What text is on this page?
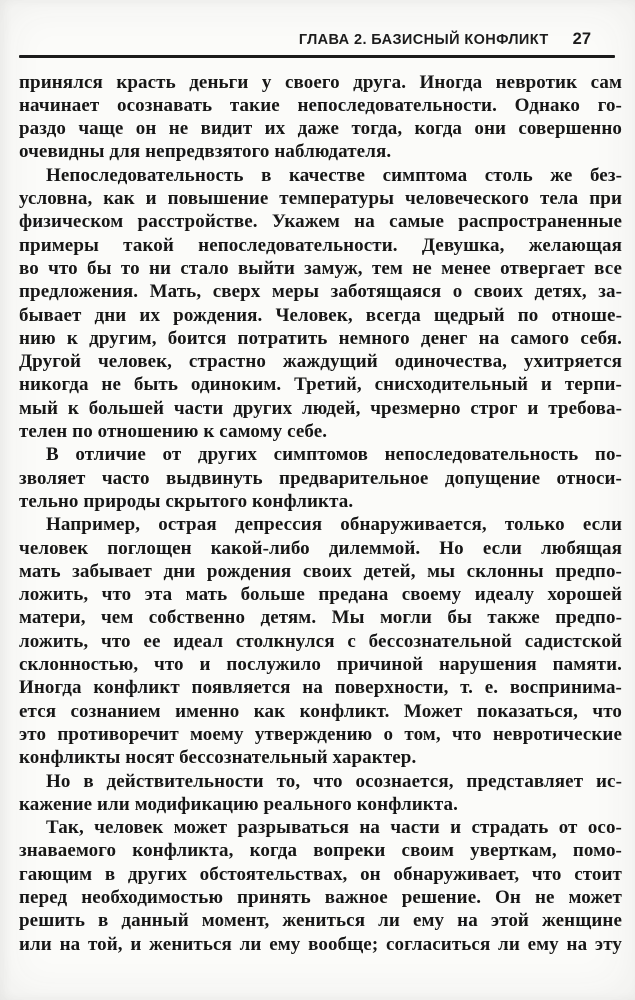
ГЛАВА 2. БАЗИСНЫЙ КОНФЛИКТ 27
принялся красть деньги у своего друга. Иногда невротик сам
начинает осознавать такие непоследовательности. Однако го-
раздо чаще он не видит их даже тогда, когда они совершенно
очевидны для непредвзятого наблюдателя.
Непоследовательность в качестве симптома столь же без-
условна, как и повышение температуры человеческого тела при
физическом расстройстве. Укажем на самые распространенные
примеры такой непоследовательности. Девушка, желающая
во что бы то ни стало выйти замуж, тем не менее отвергает все
предложения. Мать, сверх меры заботящаяся о своих детях, за-
бывает дни их рождения. Человек, всегда щедрый по отноше-
нию к другим, боится потратить немного денег на самого себя.
Другой человек, страстно жаждущий одиночества, ухитряется
никогда не быть одиноким. Третий, снисходительный и терпи-
мый к большей части других людей, чрезмерно строг и требова-
телен по отношению к самому себе.
В отличие от других симптомов непоследовательность по-
зволяет часто выдвинуть предварительное допущение относи-
тельно природы скрытого конфликта.
Например, острая депрессия обнаруживается, только если
человек поглощен какой-либо дилеммой. Но если любящая
мать забывает дни рождения своих детей, мы склонны предпо-
ложить, что эта мать больше предана своему идеалу хорошей
матери, чем собственно детям. Мы могли бы также предпо-
ложить, что ее идеал столкнулся с бессознательной садистской
склонностью, что и послужило причиной нарушения памяти.
Иногда конфликт появляется на поверхности, т. е. воспринима-
ется сознанием именно как конфликт. Может показаться, что
это противоречит моему утверждению о том, что невротические
конфликты носят бессознательный характер.
Но в действительности то, что осознается, представляет ис-
кажение или модификацию реального конфликта.
Так, человек может разрываться на части и страдать от осо-
знаваемого конфликта, когда вопреки своим уверткам, помо-
гающим в других обстоятельствах, он обнаруживает, что стоит
перед необходимостью принять важное решение. Он не может
решить в данный момент, жениться ли ему на этой женщине
или на той, и жениться ли ему вообще; согласиться ли ему на эту
